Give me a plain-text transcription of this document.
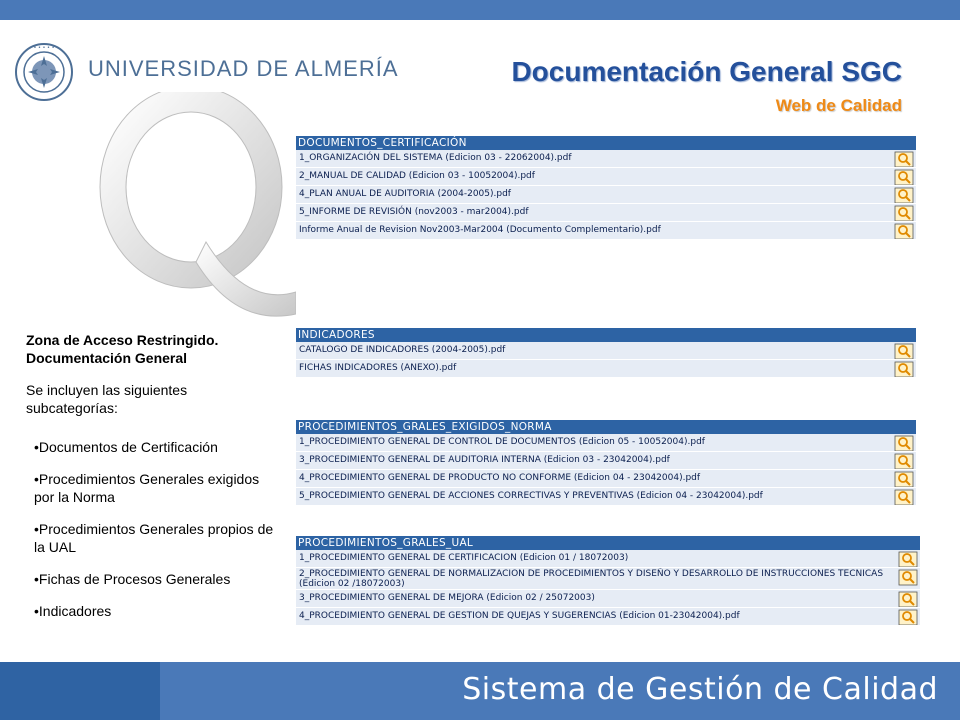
• • • • •
UNIVERSIDAD DE ALMERÍA	Documentación General SGC
Web de Calidad
Zona de Acceso Restringido.
Documentación General
Se incluyen las siguientes subcategorías:
• Documentos de Certificación
• Procedimientos Generales exigidos por la Norma
• Procedimientos Generales propios de la UAL
• Fichas de Procesos Generales
• Indicadores
DOCUMENTOS_CERTIFICACIÓN
1_ORGANIZACIÓN DEL SISTEMA (Edicion 03 - 22062004).pdf
2_MANUAL DE CALIDAD (Edicion 03 - 10052004).pdf
4_PLAN ANUAL DE AUDITORIA (2004-2005).pdf
5_INFORME DE REVISIÓN (nov2003 - mar2004).pdf
Informe Anual de Revision Nov2003-Mar2004 (Documento Complementario).pdf
INDICADORES
CATALOGO DE INDICADORES (2004-2005).pdf
FICHAS INDICADORES (ANEXO).pdf
PROCEDIMIENTOS_GRALES_EXIGIDOS_NORMA
1_PROCEDIMIENTO GENERAL DE CONTROL DE DOCUMENTOS (Edicion 05 - 10052004).pdf
3_PROCEDIMIENTO GENERAL DE AUDITORIA INTERNA (Edicion 03 - 23042004).pdf
4_PROCEDIMIENTO GENERAL DE PRODUCTO NO CONFORME (Edicion 04 - 23042004).pdf
5_PROCEDIMIENTO GENERAL DE ACCIONES CORRECTIVAS Y PREVENTIVAS (Edicion 04 - 23042004).pdf
PROCEDIMIENTOS_GRALES_UAL
1_PROCEDIMIENTO GENERAL DE CERTIFICACION (Edicion 01 / 18072003)
2_PROCEDIMIENTO GENERAL DE NORMALIZACION DE PROCEDIMIENTOS Y DISEÑO Y DESARROLLO DE INSTRUCCIONES TECNICAS (Edicion 02 /18072003)
3_PROCEDIMIENTO GENERAL DE MEJORA (Edicion 02 / 25072003)
4_PROCEDIMIENTO GENERAL DE GESTION DE QUEJAS Y SUGERENCIAS (Edicion 01-23042004).pdf
Sistema de Gestión de Calidad
